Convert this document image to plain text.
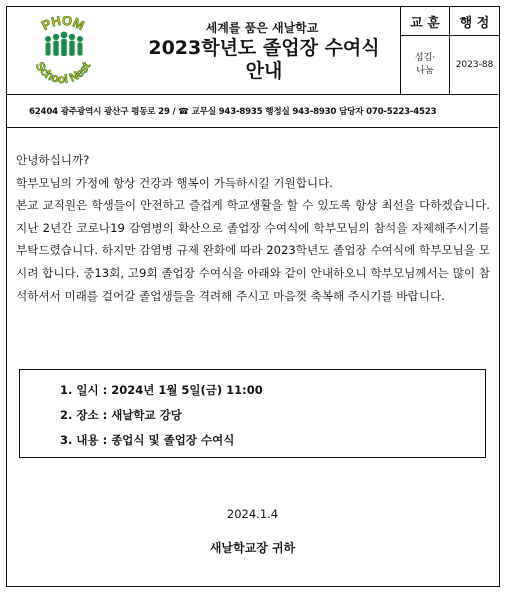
PHOM
School Nest
세계를 품은 새날학교
2023학년도 졸업장 수여식
안내
교 훈	행 정
섬김·나눔
2023-88
62404 광주광역시 광산구 평동로 29 / ☎ 교무실 943-8935 행정실 943-8930 담당자 070-5223-4523

안녕하십니까?

학부모님의 가정에 항상 건강과 행복이 가득하시길 기원합니다.

본교 교직원은 학생들이 안전하고 즐겁게 학교생활을 할 수 있도록 항상 최선을 다하겠습니다. 지난 2년간 코로나19 감염병의 확산으로 졸업장 수여식에 학부모님의 참석을 자제해주시기를 부탁드렸습니다. 하지만 감염병 규제 완화에 따라 2023학년도 졸업장 수여식에 학부모님을 모시려 합니다. 중13회, 고9회 졸업장 수여식을 아래와 같이 안내하오니 학부모님께서는 많이 참석하셔서 미래를 걸어갈 졸업생들을 격려해 주시고 마음껏 축복해 주시기를 바랍니다.

1. 일시 : 2024년 1월 5일(금) 11:00
2. 장소 : 새날학교 강당
3. 내용 : 종업식 및 졸업장 수여식
2024.1.4
새날학교장 귀하
